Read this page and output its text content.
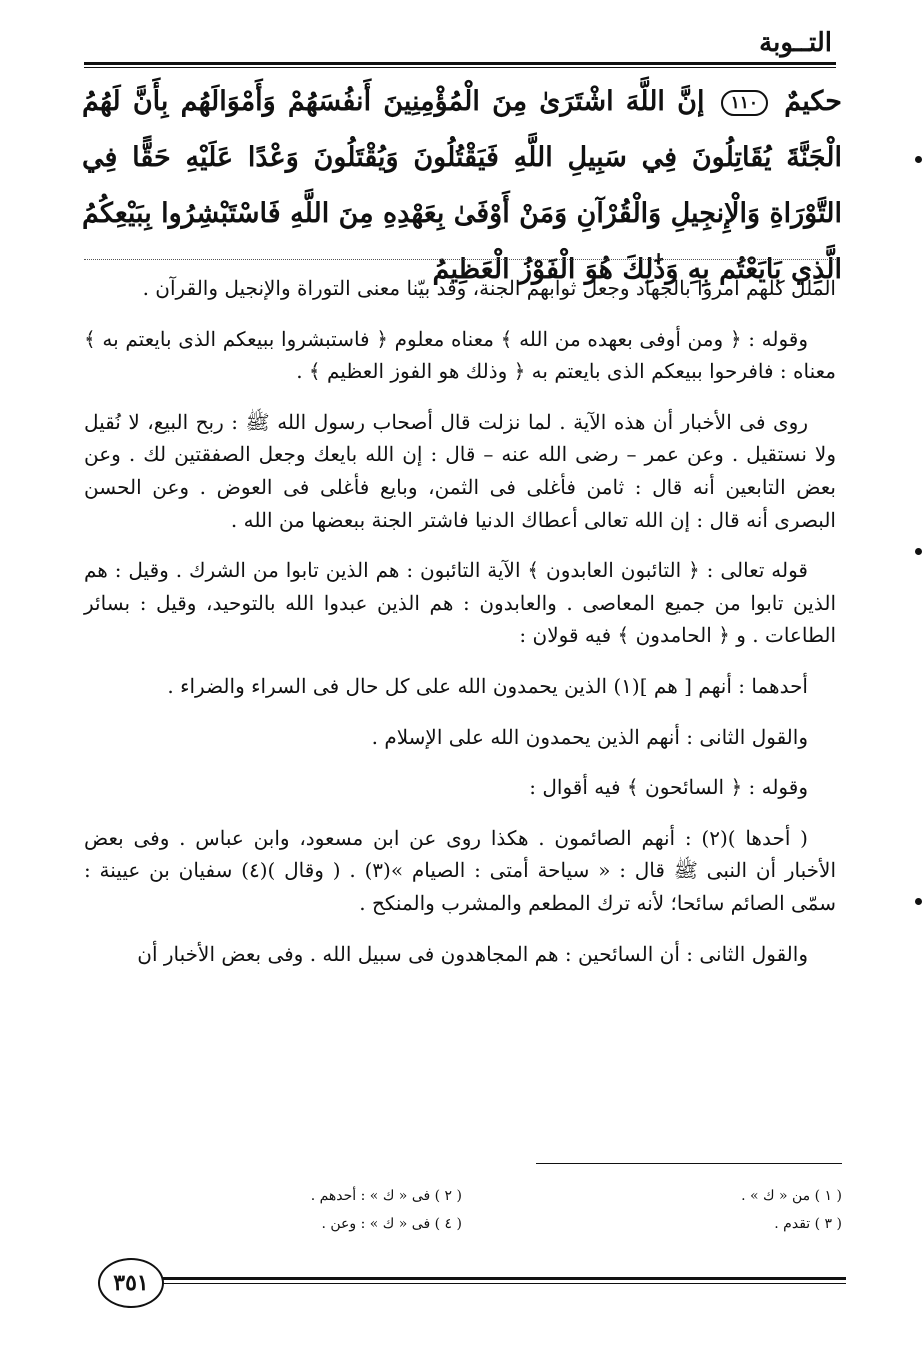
التــوبة
حكيمٌ ١١٠ إنَّ اللَّهَ اشْتَرَىٰ مِنَ الْمُؤْمِنِينَ أَنفُسَهُمْ وَأَمْوَالَهُم بِأَنَّ لَهُمُ الْجَنَّةَ يُقَاتِلُونَ فِي سَبِيلِ اللَّهِ فَيَقْتُلُونَ وَيُقْتَلُونَ وَعْدًا عَلَيْهِ حَقًّا فِي التَّوْرَاةِ وَالْإِنجِيلِ وَالْقُرْآنِ وَمَنْ أَوْفَىٰ بِعَهْدِهِ مِنَ اللَّهِ فَاسْتَبْشِرُوا بِبَيْعِكُمُ الَّذِي بَايَعْتُم بِهِ وَذَٰلِكَ هُوَ الْفَوْزُ الْعَظِيمُ

الملل كلهم أمروا بالجهاد وجعل ثوابهم الجنة، وقد بيّنا معنى التوراة والإنجيل والقرآن .

وقوله : ﴿ ومن أوفى بعهده من الله ﴾ معناه معلوم ﴿ فاستبشروا ببيعكم الذى بايعتم به ﴾ معناه : فافرحوا ببيعكم الذى بايعتم به ﴿ وذلك هو الفوز العظيم ﴾ .

روى فى الأخبار أن هذه الآية . لما نزلت قال أصحاب رسول الله ﷺ : ربح البيع، لا نُقيل ولا نستقيل . وعن عمر – رضى الله عنه – قال : إن الله بايعك وجعل الصفقتين لك . وعن بعض التابعين أنه قال : ثامن فأغلى فى الثمن، وبايع فأغلى فى العوض . وعن الحسن البصرى أنه قال : إن الله تعالى أعطاك الدنيا فاشتر الجنة ببعضها من الله .

قوله تعالى : ﴿ التائبون العابدون ﴾ الآية التائبون : هم الذين تابوا من الشرك . وقيل : هم الذين تابوا من جميع المعاصى . والعابدون : هم الذين عبدوا الله بالتوحيد، وقيل : بسائر الطاعات . و ﴿ الحامدون ﴾ فيه قولان :

أحدهما : أنهم [ هم ](١) الذين يحمدون الله على كل حال فى السراء والضراء .

والقول الثانى : أنهم الذين يحمدون الله على الإسلام .

وقوله : ﴿ السائحون ﴾ فيه أقوال :

( أحدها )(٢) : أنهم الصائمون . هكذا روى عن ابن مسعود، وابن عباس . وفى بعض الأخبار أن النبى ﷺ قال : « سياحة أمتى : الصيام »(٣) . ( وقال )(٤) سفيان بن عيينة : سمّى الصائم سائحا؛ لأنه ترك المطعم والمشرب والمنكح .

والقول الثانى : أن السائحين : هم المجاهدون فى سبيل الله . وفى بعض الأخبار أن

( ١ ) من « ك » .
( ٢ ) فى « ك » : أحدهم .
( ٣ ) تقدم .
( ٤ ) فى « ك » : وعن .
٣٥١
